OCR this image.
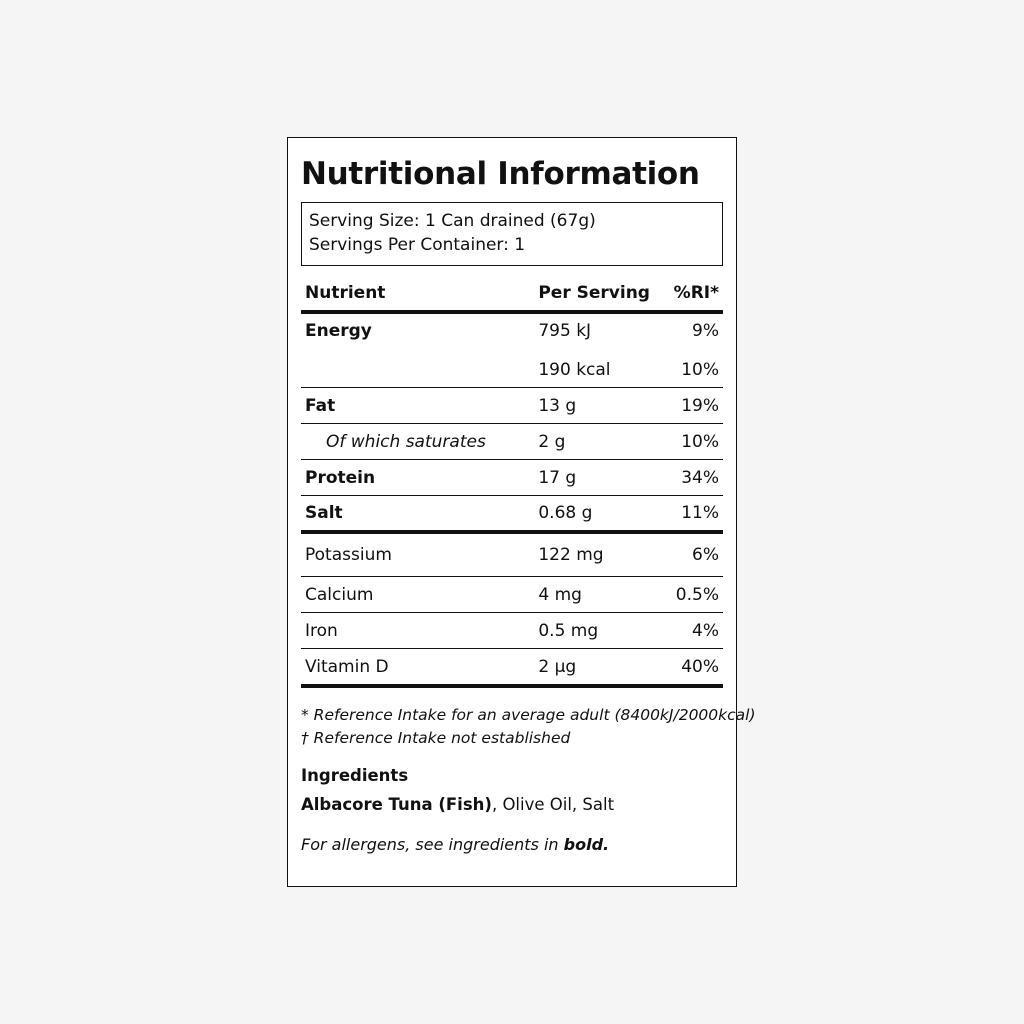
Nutritional Information
Serving Size: 1 Can drained (67g)
Servings Per Container: 1
Nutrient	Per Serving	%RI*
Energy	795 kJ	9%
	190 kcal	10%
Fat	13 g	19%
Of which saturates	2 g	10%
Protein	17 g	34%
Salt	0.68 g	11%
Potassium	122 mg	6%
Calcium	4 mg	0.5%
Iron	0.5 mg	4%
Vitamin D	2 µg	40%
* Reference Intake for an average adult (8400kJ/2000kcal)
† Reference Intake not established
Ingredients
Albacore Tuna (Fish), Olive Oil, Salt
For allergens, see ingredients in bold.
